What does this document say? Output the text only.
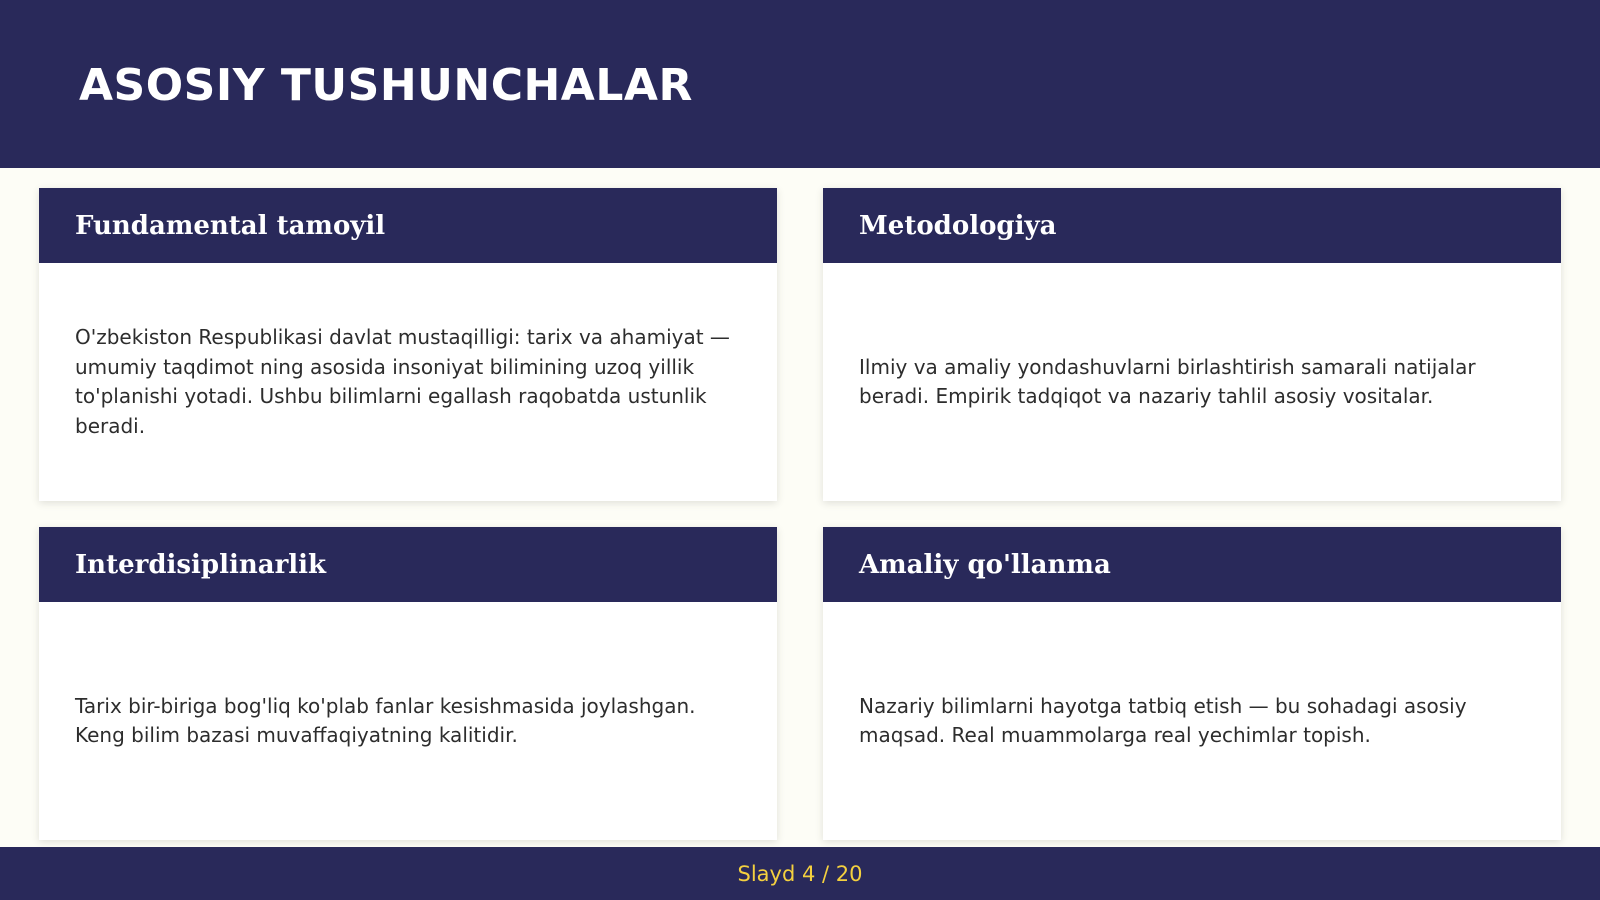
ASOSIY TUSHUNCHALAR
Fundamental tamoyil

O'zbekiston Respublikasi davlat mustaqilligi: tarix va ahamiyat — umumiy taqdimot ning asosida insoniyat bilimining uzoq yillik to'planishi yotadi. Ushbu bilimlarni egallash raqobatda ustunlik beradi.

Metodologiya

Ilmiy va amaliy yondashuvlarni birlashtirish samarali natijalar beradi. Empirik tadqiqot va nazariy tahlil asosiy vositalar.

Interdisiplinarlik

Tarix bir-biriga bog'liq ko'plab fanlar kesishmasida joylashgan. Keng bilim bazasi muvaffaqiyatning kalitidir.

Amaliy qo'llanma

Nazariy bilimlarni hayotga tatbiq etish — bu sohadagi asosiy maqsad. Real muammolarga real yechimlar topish.

Slayd 4 / 20
